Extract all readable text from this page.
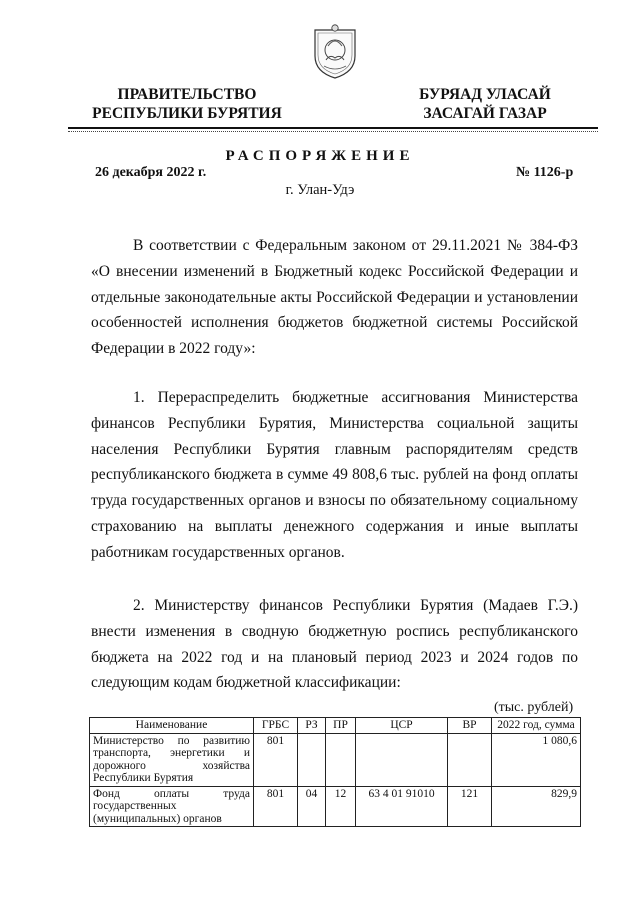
ПРАВИТЕЛЬСТВО
РЕСПУБЛИКИ БУРЯТИЯ
БУРЯАД УЛАСАЙ
ЗАСАГАЙ ГАЗАР
РАСПОРЯЖЕНИЕ
26 декабря 2022 г.	№ 1126-р
г. Улан-Удэ

В соответствии с Федеральным законом от 29.11.2021 № 384-ФЗ «О внесении изменений в Бюджетный кодекс Российской Федерации и отдельные законодательные акты Российской Федерации и установлении особенностей исполнения бюджетов бюджетной системы Российской Федерации в 2022 году»:

1. Перераспределить бюджетные ассигнования Министерства финансов Республики Бурятия, Министерства социальной защиты населения Республики Бурятия главным распорядителям средств республиканского бюджета в сумме 49 808,6 тыс. рублей на фонд оплаты труда государственных органов и взносы по обязательному социальному страхованию на выплаты денежного содержания и иные выплаты работникам государственных органов.

2. Министерству финансов Республики Бурятия (Мадаев Г.Э.) внести изменения в сводную бюджетную роспись республиканского бюджета на 2022 год и на плановый период 2023 и 2024 годов по следующим кодам бюджетной классификации:

(тыс. рублей)
Наименование	ГРБС	РЗ	ПР	ЦСР	ВР	2022 год, сумма
Министерство по развитию транспорта, энергетики и дорожного хозяйства Республики Бурятия	801					1 080,6
Фонд оплаты труда государственных (муниципальных) органов	801	04	12	63 4 01 91010	121	829,9
